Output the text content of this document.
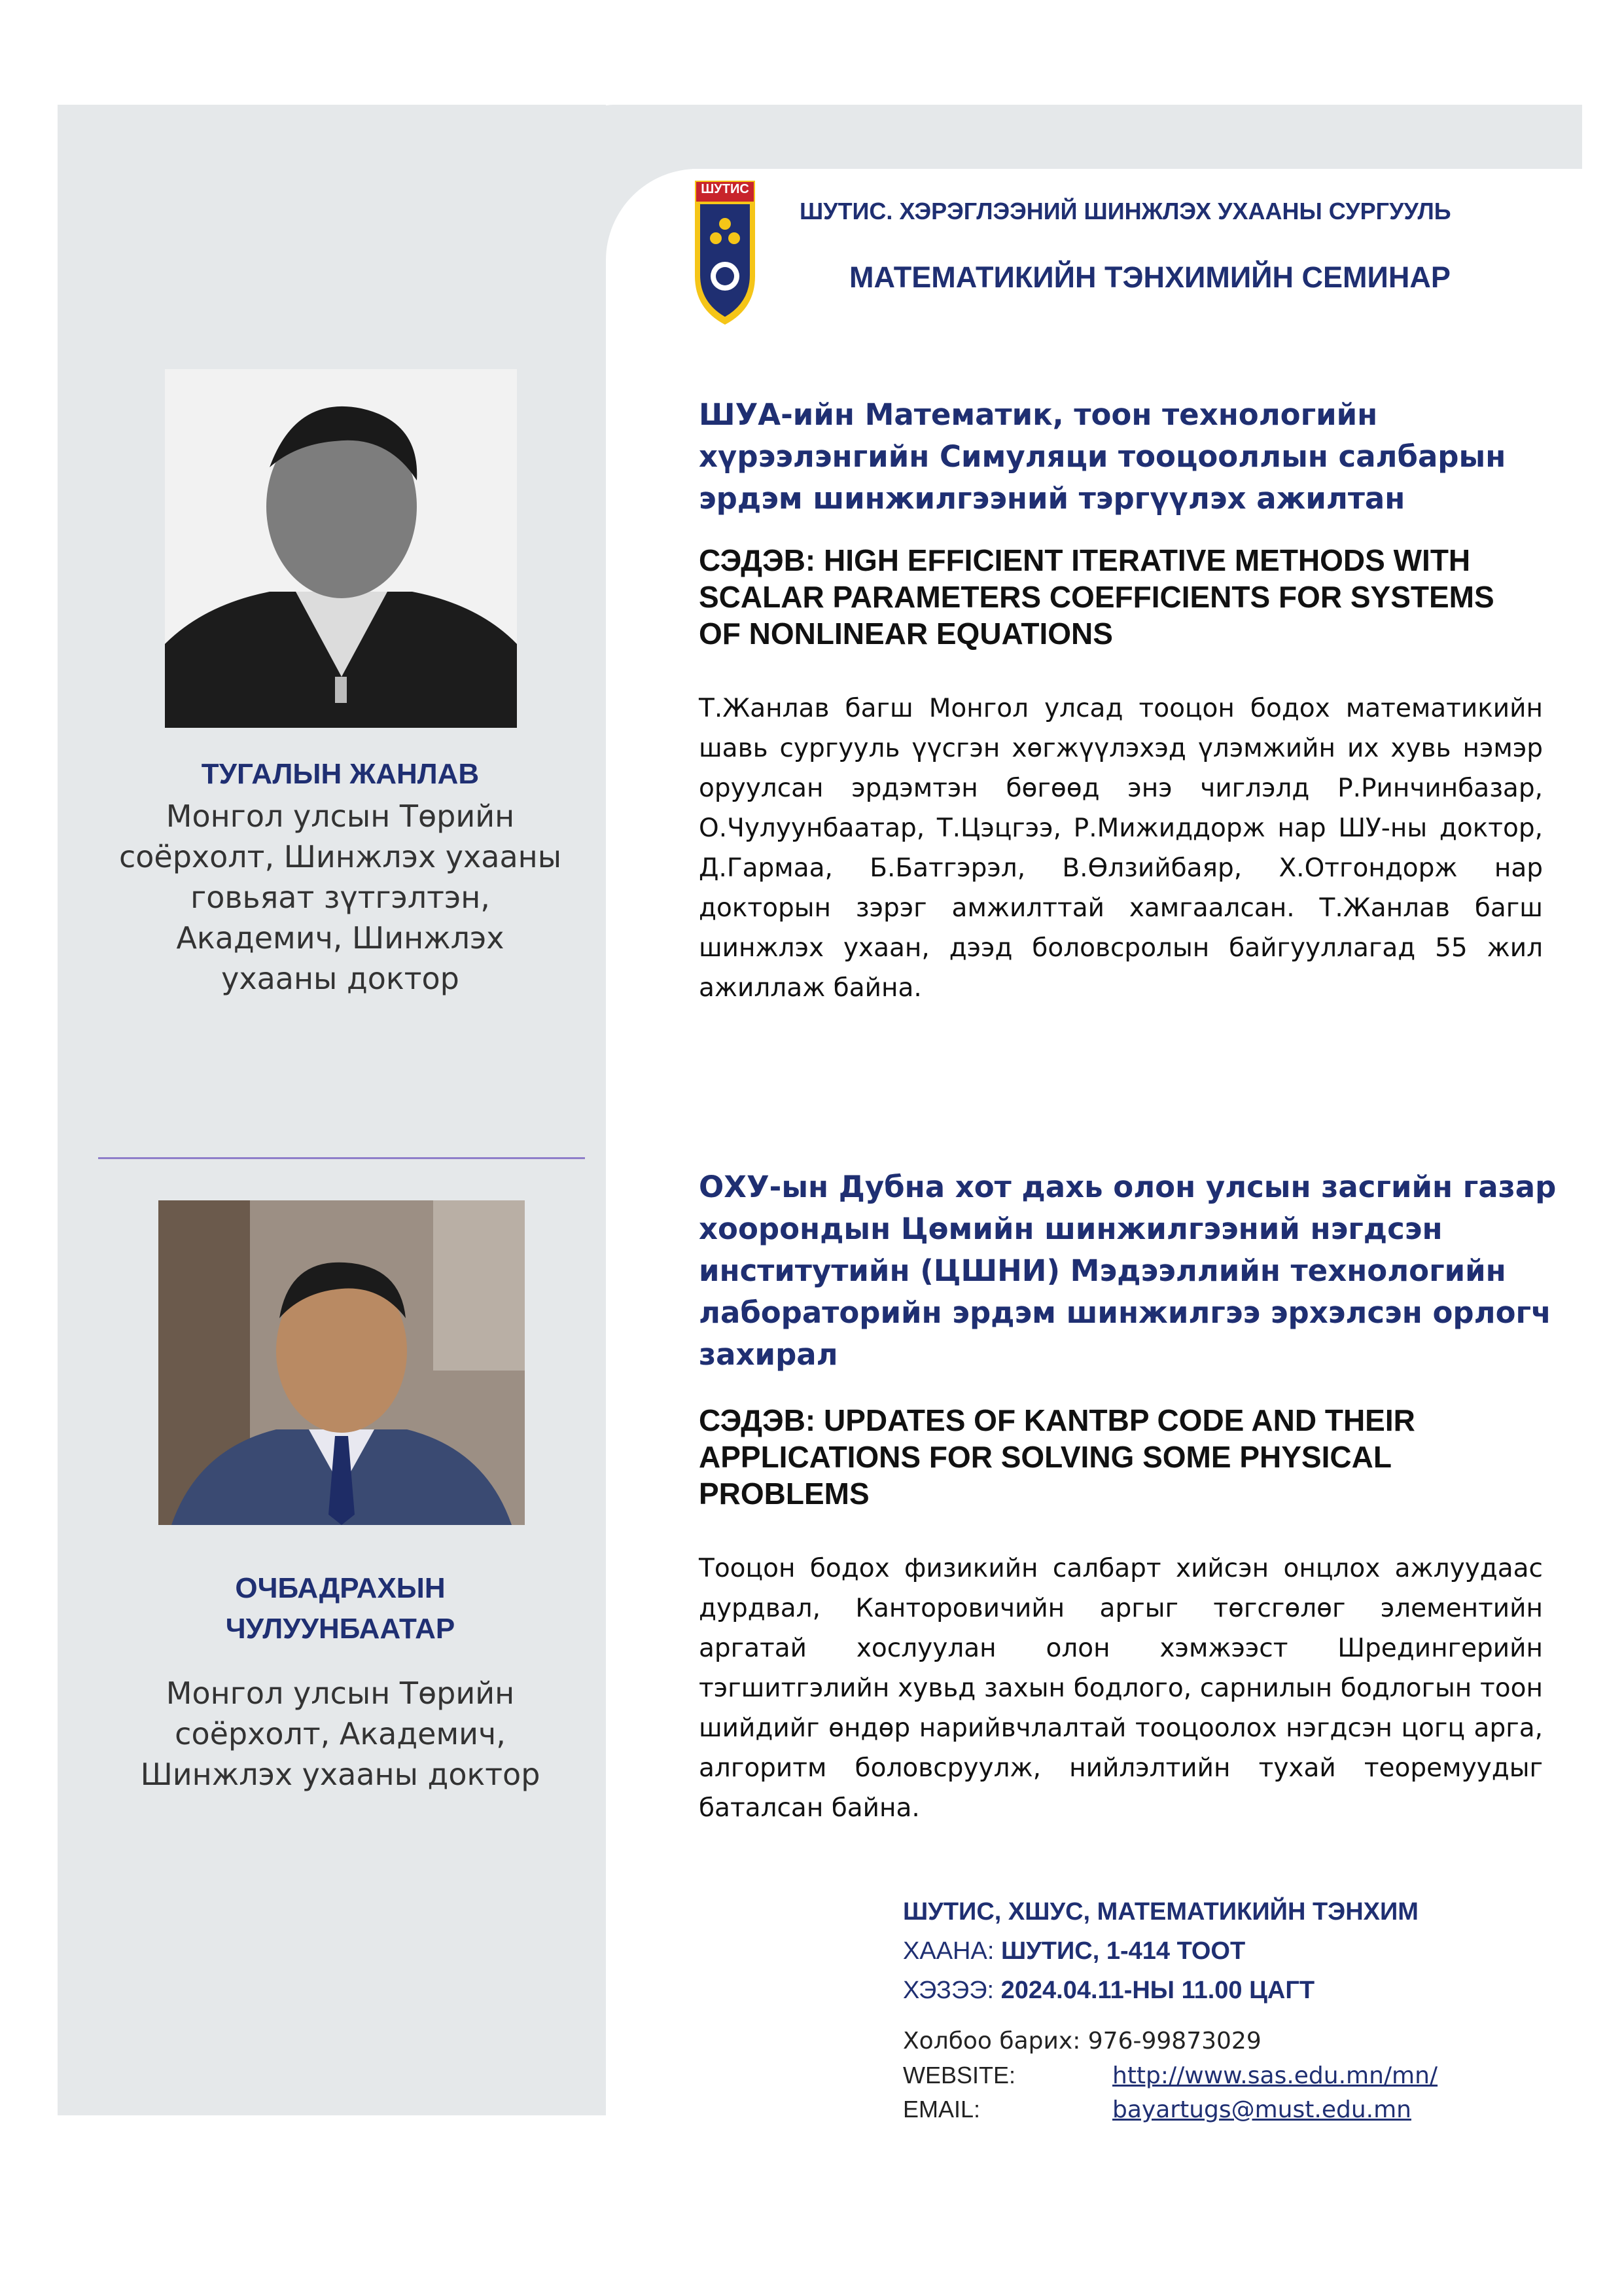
ШУТИС
ШУТИС. ХЭРЭГЛЭЭНИЙ ШИНЖЛЭХ УХААНЫ СУРГУУЛЬ
МАТЕМАТИКИЙН ТЭНХИМИЙН СЕМИНАР
ТУГАЛЫН ЖАНЛАВ
Монгол улсын Төрийн
соёрхолт, Шинжлэх ухааны
говьяат зүтгэлтэн,
Академич, Шинжлэх
ухааны доктор
ОЧБАДРАХЫН
ЧУЛУУНБААТАР
Монгол улсын Төрийн
соёрхолт, Академич,
Шинжлэх ухааны доктор
ШУА-ийн Математик, тоон технологийн
хүрээлэнгийн Симуляци тооцооллын салбарын
эрдэм шинжилгээний тэргүүлэх ажилтан
СЭДЭВ: HIGH EFFICIENT ITERATIVE METHODS WITH
SCALAR PARAMETERS COEFFICIENTS FOR SYSTEMS
OF NONLINEAR EQUATIONS
Т.Жанлав багш Монгол улсад тооцон бодох математикийн шавь сургууль үүсгэн хөгжүүлэхэд үлэмжийн их хувь нэмэр оруулсан эрдэмтэн бөгөөд энэ чиглэлд Р.Ринчинбазар, О.Чулуунбаатар, Т.Цэцгээ, Р.Мижиддорж нар ШУ-ны доктор, Д.Гармаа, Б.Батгэрэл, В.Өлзийбаяр, Х.Отгондорж нар докторын зэрэг амжилттай хамгаалсан. Т.Жанлав багш шинжлэх ухаан, дээд боловсролын байгууллагад 55 жил ажиллаж байна.
ОХУ-ын Дубна хот дахь олон улсын засгийн газар
хоорондын Цөмийн шинжилгээний нэгдсэн
институтийн (ЦШНИ) Мэдээллийн технологийн
лабораторийн эрдэм шинжилгээ эрхэлсэн орлогч
захирал
СЭДЭВ: UPDATES OF KANTBP CODE AND THEIR
APPLICATIONS FOR SOLVING SOME PHYSICAL
PROBLEMS
Тооцон бодох физикийн салбарт хийсэн онцлох ажлуудаас дурдвал, Канторовичийн аргыг төгсгөлөг элементийн аргатай хослуулан олон хэмжээст Шредингерийн тэгшитгэлийн хувьд захын бодлого, сарнилын бодлогын тоон шийдийг өндөр нарийвчлалтай тооцоолох нэгдсэн цогц арга, алгоритм боловсруулж, нийлэлтийн тухай теоремуудыг баталсан байна.
ШУТИС, ХШУС, МАТЕМАТИКИЙН ТЭНХИМ
ХААНА: ШУТИС, 1-414 ТООТ
ХЭЗЭЭ: 2024.04.11-НЫ 11.00 ЦАГТ
Холбоо барих: 976-99873029
WEBSITE:	http://www.sas.edu.mn/mn/
EMAIL:	bayartugs@must.edu.mn
